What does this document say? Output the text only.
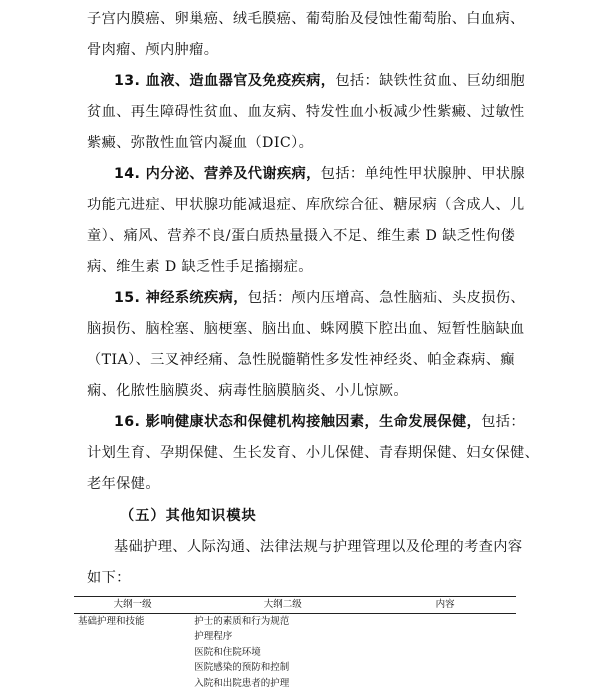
子宫内膜癌、卵巢癌、绒毛膜癌、葡萄胎及侵蚀性葡萄胎、白血病、
骨肉瘤、颅内肿瘤。
13. 血液、造血器官及免疫疾病，包括：缺铁性贫血、巨幼细胞
贫血、再生障碍性贫血、血友病、特发性血小板减少性紫癜、过敏性
紫癜、弥散性血管内凝血（DIC）。
14. 内分泌、营养及代谢疾病，包括：单纯性甲状腺肿、甲状腺
功能亢进症、甲状腺功能减退症、库欣综合征、糖尿病（含成人、儿
童）、痛风、营养不良/蛋白质热量摄入不足、维生素 D 缺乏性佝偻
病、维生素 D 缺乏性手足搐搦症。
15. 神经系统疾病，包括：颅内压增高、急性脑疝、头皮损伤、
脑损伤、脑栓塞、脑梗塞、脑出血、蛛网膜下腔出血、短暂性脑缺血
（TIA）、三叉神经痛、急性脱髓鞘性多发性神经炎、帕金森病、癫
痫、化脓性脑膜炎、病毒性脑膜脑炎、小儿惊厥。
16. 影响健康状态和保健机构接触因素，生命发展保健，包括：
计划生育、孕期保健、生长发育、小儿保健、青春期保健、妇女保健、
老年保健。
（五）其他知识模块
基础护理、人际沟通、法律法规与护理管理以及伦理的考查内容
如下：
大纲一级	大纲二级	内容
基础护理和技能	护士的素质和行为规范
护理程序
医院和住院环境
医院感染的预防和控制
入院和出院患者的护理	
